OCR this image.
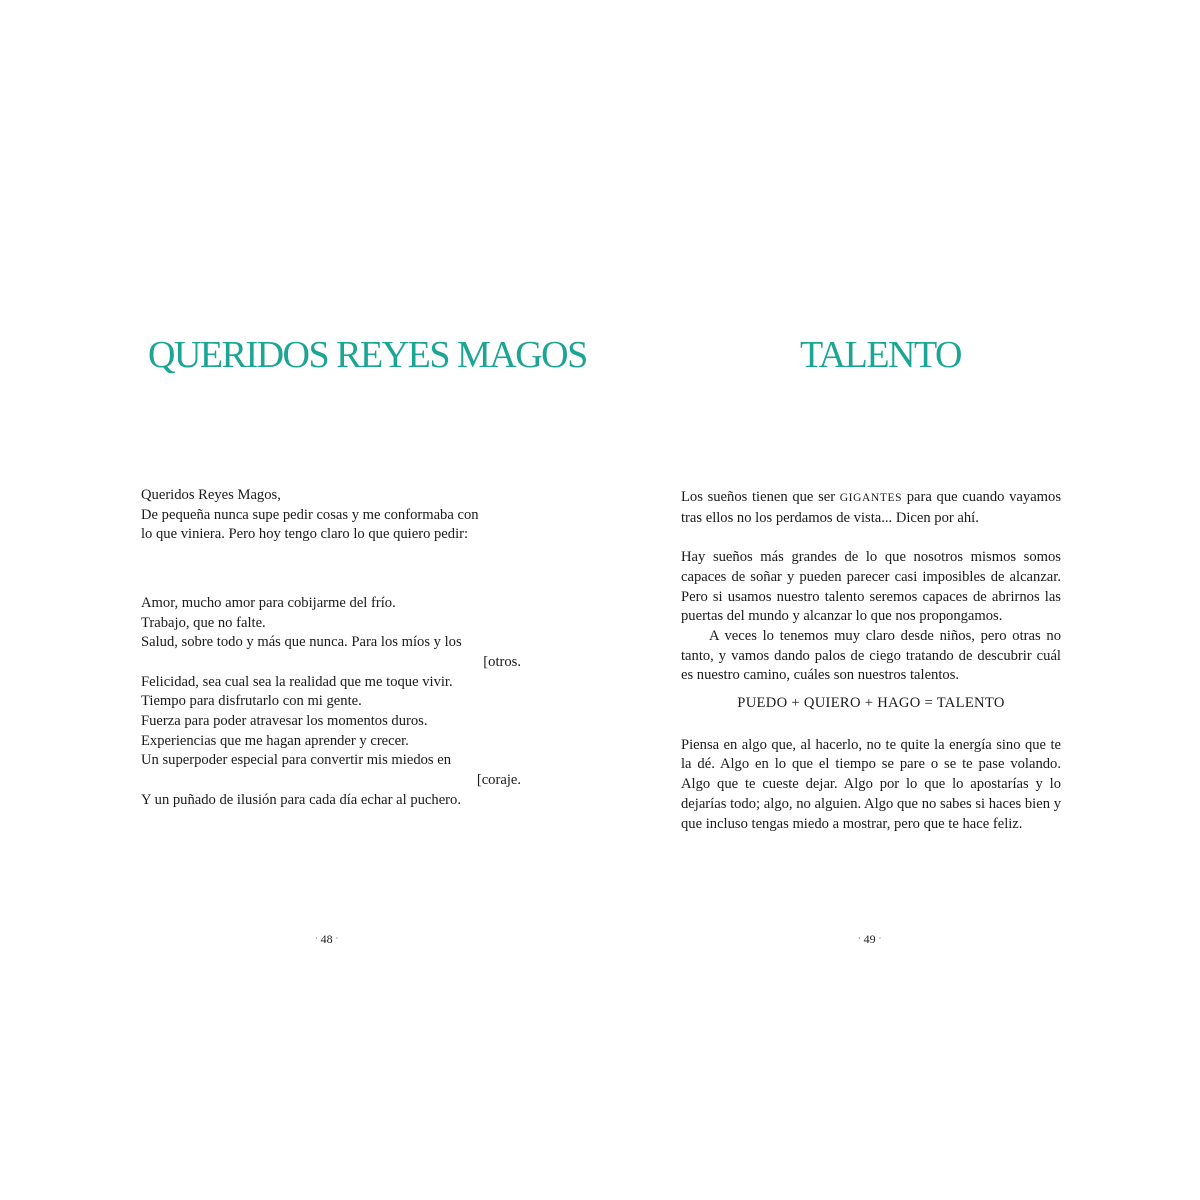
QUERIDOS REYES MAGOS
Queridos Reyes Magos,
De pequeña nunca supe pedir cosas y me conformaba con
lo que viniera. Pero hoy tengo claro lo que quiero pedir:
Amor, mucho amor para cobijarme del frío.
Trabajo, que no falte.
Salud, sobre todo y más que nunca. Para los míos y los
[otros.
Felicidad, sea cual sea la realidad que me toque vivir.
Tiempo para disfrutarlo con mi gente.
Fuerza para poder atravesar los momentos duros.
Experiencias que me hagan aprender y crecer.
Un superpoder especial para convertir mis miedos en
[coraje.
Y un puñado de ilusión para cada día echar al puchero.
· 48 ·
TALENTO
Los sueños tienen que ser GIGANTES para que cuando vayamos tras ellos no los perdamos de vista... Dicen por ahí.
Hay sueños más grandes de lo que nosotros mismos somos capaces de soñar y pueden parecer casi imposibles de alcanzar. Pero si usamos nuestro talento seremos capaces de abrirnos las puertas del mundo y alcanzar lo que nos propongamos.
A veces lo tenemos muy claro desde niños, pero otras no tanto, y vamos dando palos de ciego tratando de descubrir cuál es nuestro camino, cuáles son nuestros talentos.
PUEDO + QUIERO + HAGO = TALENTO
Piensa en algo que, al hacerlo, no te quite la energía sino que te la dé. Algo en lo que el tiempo se pare o se te pase volando. Algo que te cueste dejar. Algo por lo que lo apostarías y lo dejarías todo; algo, no alguien. Algo que no sabes si haces bien y que incluso tengas miedo a mostrar, pero que te hace feliz.
· 49 ·
